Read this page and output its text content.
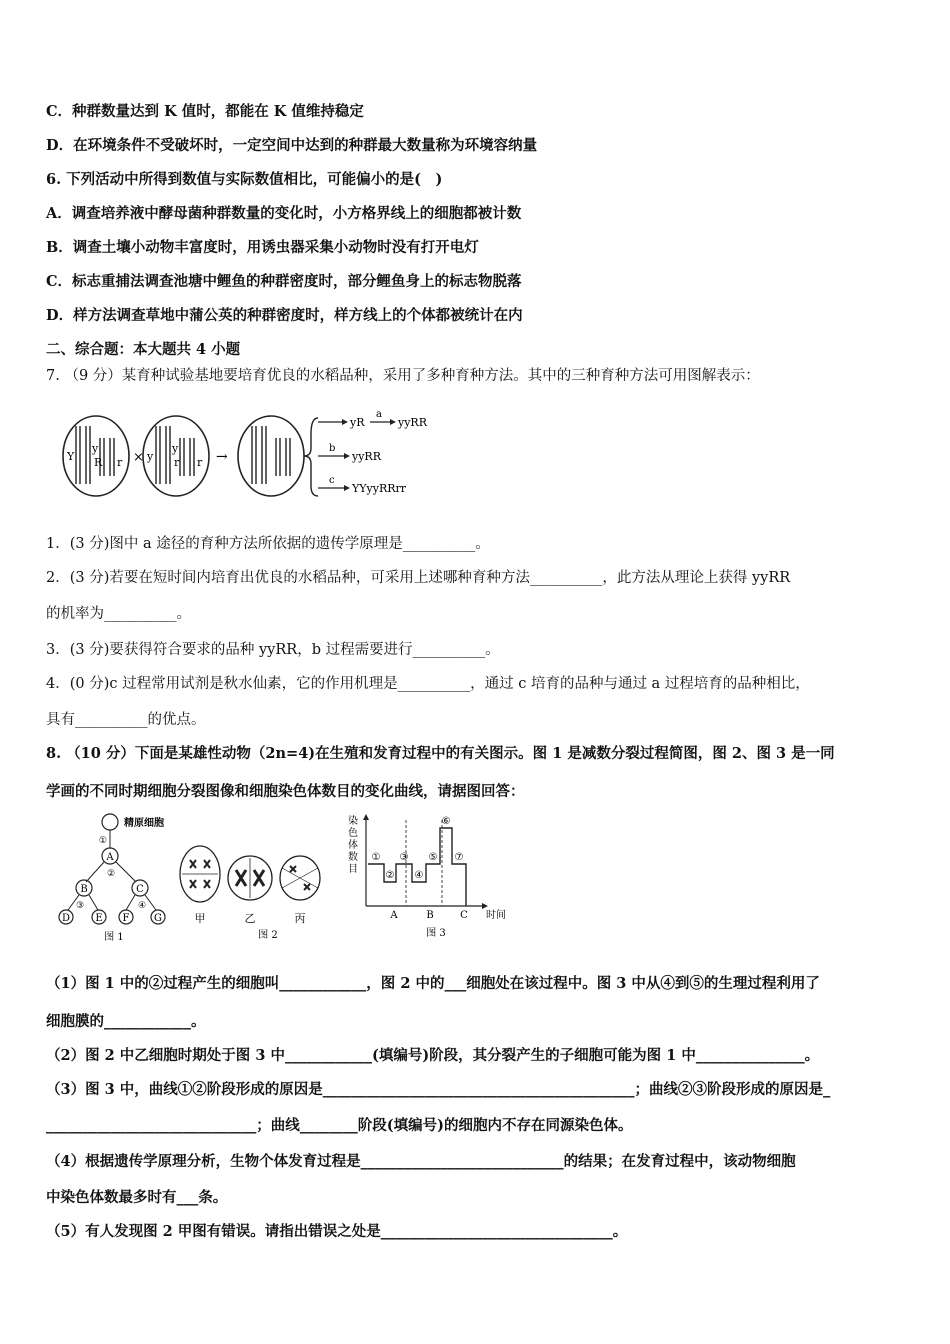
C．种群数量达到 K 值时，都能在 K 值维持稳定
D．在环境条件不受破坏时，一定空间中达到的种群最大数量称为环境容纳量
6. 下列活动中所得到数值与实际数值相比，可能偏小的是(　)
A．调查培养液中酵母菌种群数量的变化时，小方格界线上的细胞都被计数
B．调查土壤小动物丰富度时，用诱虫器采集小动物时没有打开电灯
C．标志重捕法调查池塘中鲤鱼的种群密度时，部分鲤鱼身上的标志物脱落
D．样方法调查草地中蒲公英的种群密度时，样方线上的个体都被统计在内
二、综合题：本大题共 4 小题
7. （9 分）某育种试验基地要培育优良的水稻品种，采用了多种育种方法。其中的三种育种方法可用图解表示：
Y
y
R r × y
y
r r →
yR
a
yyRR
b
yyRR
c
YYyyRRrr
1．(3 分)图中 a 途径的育种方法所依据的遗传学原理是__________。
2．(3 分)若要在短时间内培育出优良的水稻品种，可采用上述哪种育种方法__________，此方法从理论上获得 yyRR
的机率为__________。
3．(3 分)要获得符合要求的品种 yyRR，b 过程需要进行__________。
4．(0 分)c 过程常用试剂是秋水仙素，它的作用机理是__________，通过 c 培育的品种与通过 a 过程培育的品种相比，
具有__________的优点。
8. （10 分）下面是某雄性动物（2n=4)在生殖和发育过程中的有关图示。图 1 是减数分裂过程简图，图 2、图 3 是一同
学画的不同时期细胞分裂图像和细胞染色体数目的变化曲线，请据图回答：
精原细胞
①
A
②
B	C
③	④
D	E F G
图 1
甲	乙	丙
图 2
染
色
体
数
目
①
②
③
④
⑤
⑥
⑦
A	B	C 时间
图 3
（1）图 1 中的②过程产生的细胞叫____________，图 2 中的___细胞处在该过程中。图 3 中从④到⑤的生理过程利用了
细胞膜的____________。
（2）图 2 中乙细胞时期处于图 3 中____________(填编号)阶段，其分裂产生的子细胞可能为图 1 中_______________。
（3）图 3 中，曲线①②阶段形成的原因是___________________________________________；曲线②③阶段形成的原因是_
_____________________________；曲线________阶段(填编号)的细胞内不存在同源染色体。
（4）根据遗传学原理分析，生物个体发育过程是____________________________的结果；在发育过程中，该动物细胞
中染色体数最多时有___条。
（5）有人发现图 2 甲图有错误。请指出错误之处是________________________________。
